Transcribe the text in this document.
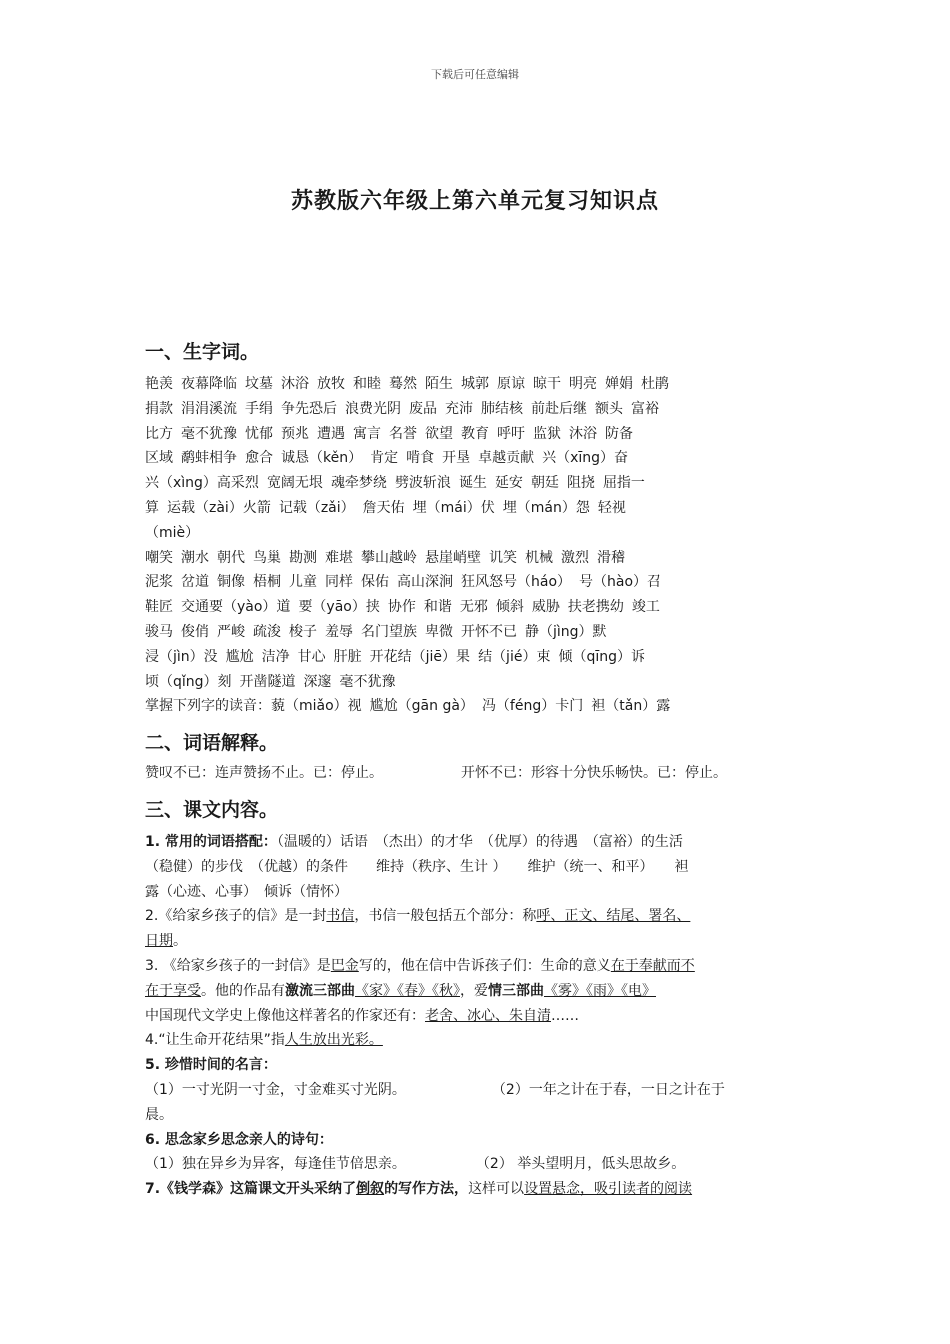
下载后可任意编辑
苏教版六年级上第六单元复习知识点
一、生字词。
艳羡 夜幕降临 坟墓 沐浴 放牧 和睦 蓦然 陌生 城郭 原谅 晾干 明亮 婵娟 杜鹃
捐款 涓涓溪流 手绢 争先恐后 浪费光阴 废品 充沛 肺结核 前赴后继 额头 富裕
比方 毫不犹豫 忧郁 预兆 遭遇 寓言 名誉 欲望 教育 呼吁 监狱 沐浴 防备
区域 鹬蚌相争 愈合 诚恳（kěn） 肯定 啃食 开垦 卓越贡献 兴（xīng）奋
兴（xìng）高采烈 宽阔无垠 魂牵梦绕 劈波斩浪 诞生 延安 朝廷 阻挠 屈指一
算 运载（zài）火箭 记载（zǎi） 詹天佑 埋（mái）伏 埋（mán）怨 轻视
（miè）
嘲笑 潮水 朝代 鸟巢 勘测 难堪 攀山越岭 悬崖峭壁 讥笑 机械 激烈 滑稽
泥浆 岔道 铜像 梧桐 儿童 同样 保佑 高山深涧 狂风怒号（háo） 号（hào）召
鞋匠 交通要（yào）道 要（yāo）挟 协作 和谐 无邪 倾斜 威胁 扶老携幼 竣工
骏马 俊俏 严峻 疏浚 梭子 羞辱 名门望族 卑微 开怀不已 静（jìng）默
浸（jìn）没 尴尬 洁净 甘心 肝脏 开花结（jiē）果 结（jié）束 倾（qīng）诉
顷（qǐng）刻 开凿隧道 深邃 毫不犹豫
掌握下列字的读音：藐（miǎo）视 尴尬（gān gà） 冯（féng）卡门 袒（tǎn）露
二、词语解释。

赞叹不已：连声赞扬不止。已：停止。	开怀不已：形容十分快乐畅快。已：停止。

三、课文内容。
1. 常用的词语搭配：（温暖的）话语　（杰出）的才华　（优厚）的待遇　（富裕）的生活
（稳健）的步伐　（优越）的条件　　维持（秩序、生计 ）　　维护（统一、和平）　　袒
露（心迹、心事）　倾诉（情怀）
2.《给家乡孩子的信》是一封书信，书信一般包括五个部分：称呼、正文、结尾、署名、
日期。
3. 《给家乡孩子的一封信》是巴金写的，他在信中告诉孩子们：生命的意义在于奉献而不
在于享受。他的作品有激流三部曲《家》《春》《秋》，爱情三部曲《雾》《雨》《电》
中国现代文学史上像他这样著名的作家还有：老舍、冰心、朱自清……
4.“让生命开花结果”指人生放出光彩。
5. 珍惜时间的名言：
（1）一寸光阴一寸金，寸金难买寸光阴。	（2）一年之计在于春，一日之计在于
晨。
6. 思念家乡思念亲人的诗句：
（1）独在异乡为异客，每逢佳节倍思亲。	（2） 举头望明月，低头思故乡。
7.《钱学森》这篇课文开头采纳了倒叙的写作方法，这样可以设置悬念，吸引读者的阅读
